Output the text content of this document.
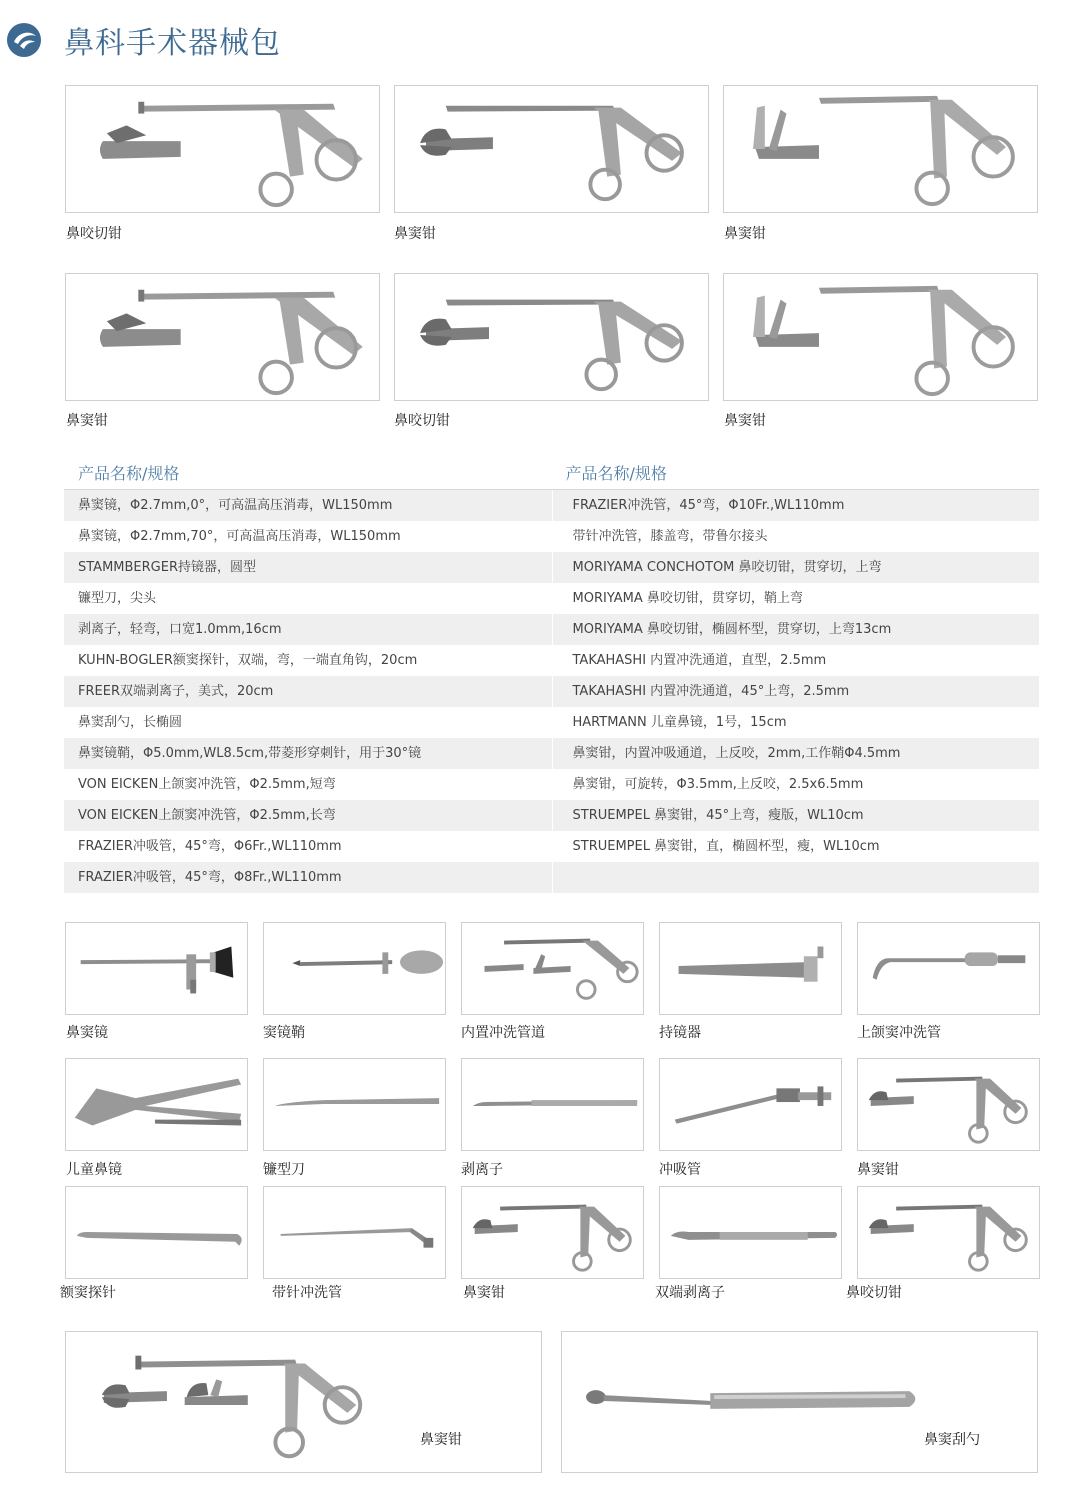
鼻科手术器械包
鼻咬切钳	鼻窦钳	鼻窦钳
鼻窦钳	鼻咬切钳	鼻窦钳
产品名称/规格	产品名称/规格
鼻窦镜，Φ2.7mm,0°，可高温高压消毒，WL150mm	FRAZIER冲洗管，45°弯，Φ10Fr.,WL110mm
鼻窦镜，Φ2.7mm,70°，可高温高压消毒，WL150mm	带针冲洗管，膝盖弯，带鲁尔接头
STAMMBERGER持镜器，圆型	MORIYAMA CONCHOTOM 鼻咬切钳，贯穿切，上弯
镰型刀，尖头	MORIYAMA 鼻咬切钳，贯穿切，鞘上弯
剥离子，轻弯，口宽1.0mm,16cm	MORIYAMA 鼻咬切钳，椭圆杯型，贯穿切，上弯13cm
KUHN-BOGLER额窦探针，双端，弯，一端直角钩，20cm	TAKAHASHI 内置冲洗通道，直型，2.5mm
FREER双端剥离子，美式，20cm	TAKAHASHI 内置冲洗通道，45°上弯，2.5mm
鼻窦刮勺，长椭圆	HARTMANN 儿童鼻镜，1号，15cm
鼻窦镜鞘，Φ5.0mm,WL8.5cm,带菱形穿刺针，用于30°镜	鼻窦钳，内置冲吸通道，上反咬，2mm,工作鞘Φ4.5mm
VON EICKEN上颌窦冲洗管，Φ2.5mm,短弯	鼻窦钳，可旋转，Φ3.5mm,上反咬，2.5x6.5mm
VON EICKEN上颌窦冲洗管，Φ2.5mm,长弯	STRUEMPEL 鼻窦钳，45°上弯，瘦版，WL10cm
FRAZIER冲吸管，45°弯，Φ6Fr.,WL110mm	STRUEMPEL 鼻窦钳，直，椭圆杯型，瘦，WL10cm
FRAZIER冲吸管，45°弯，Φ8Fr.,WL110mm
鼻窦镜	窦镜鞘	内置冲洗管道	持镜器	上颌窦冲洗管
儿童鼻镜	镰型刀	剥离子	冲吸管	鼻窦钳
额窦探针	带针冲洗管	鼻窦钳	双端剥离子	鼻咬切钳
鼻窦钳	鼻窦刮勺
